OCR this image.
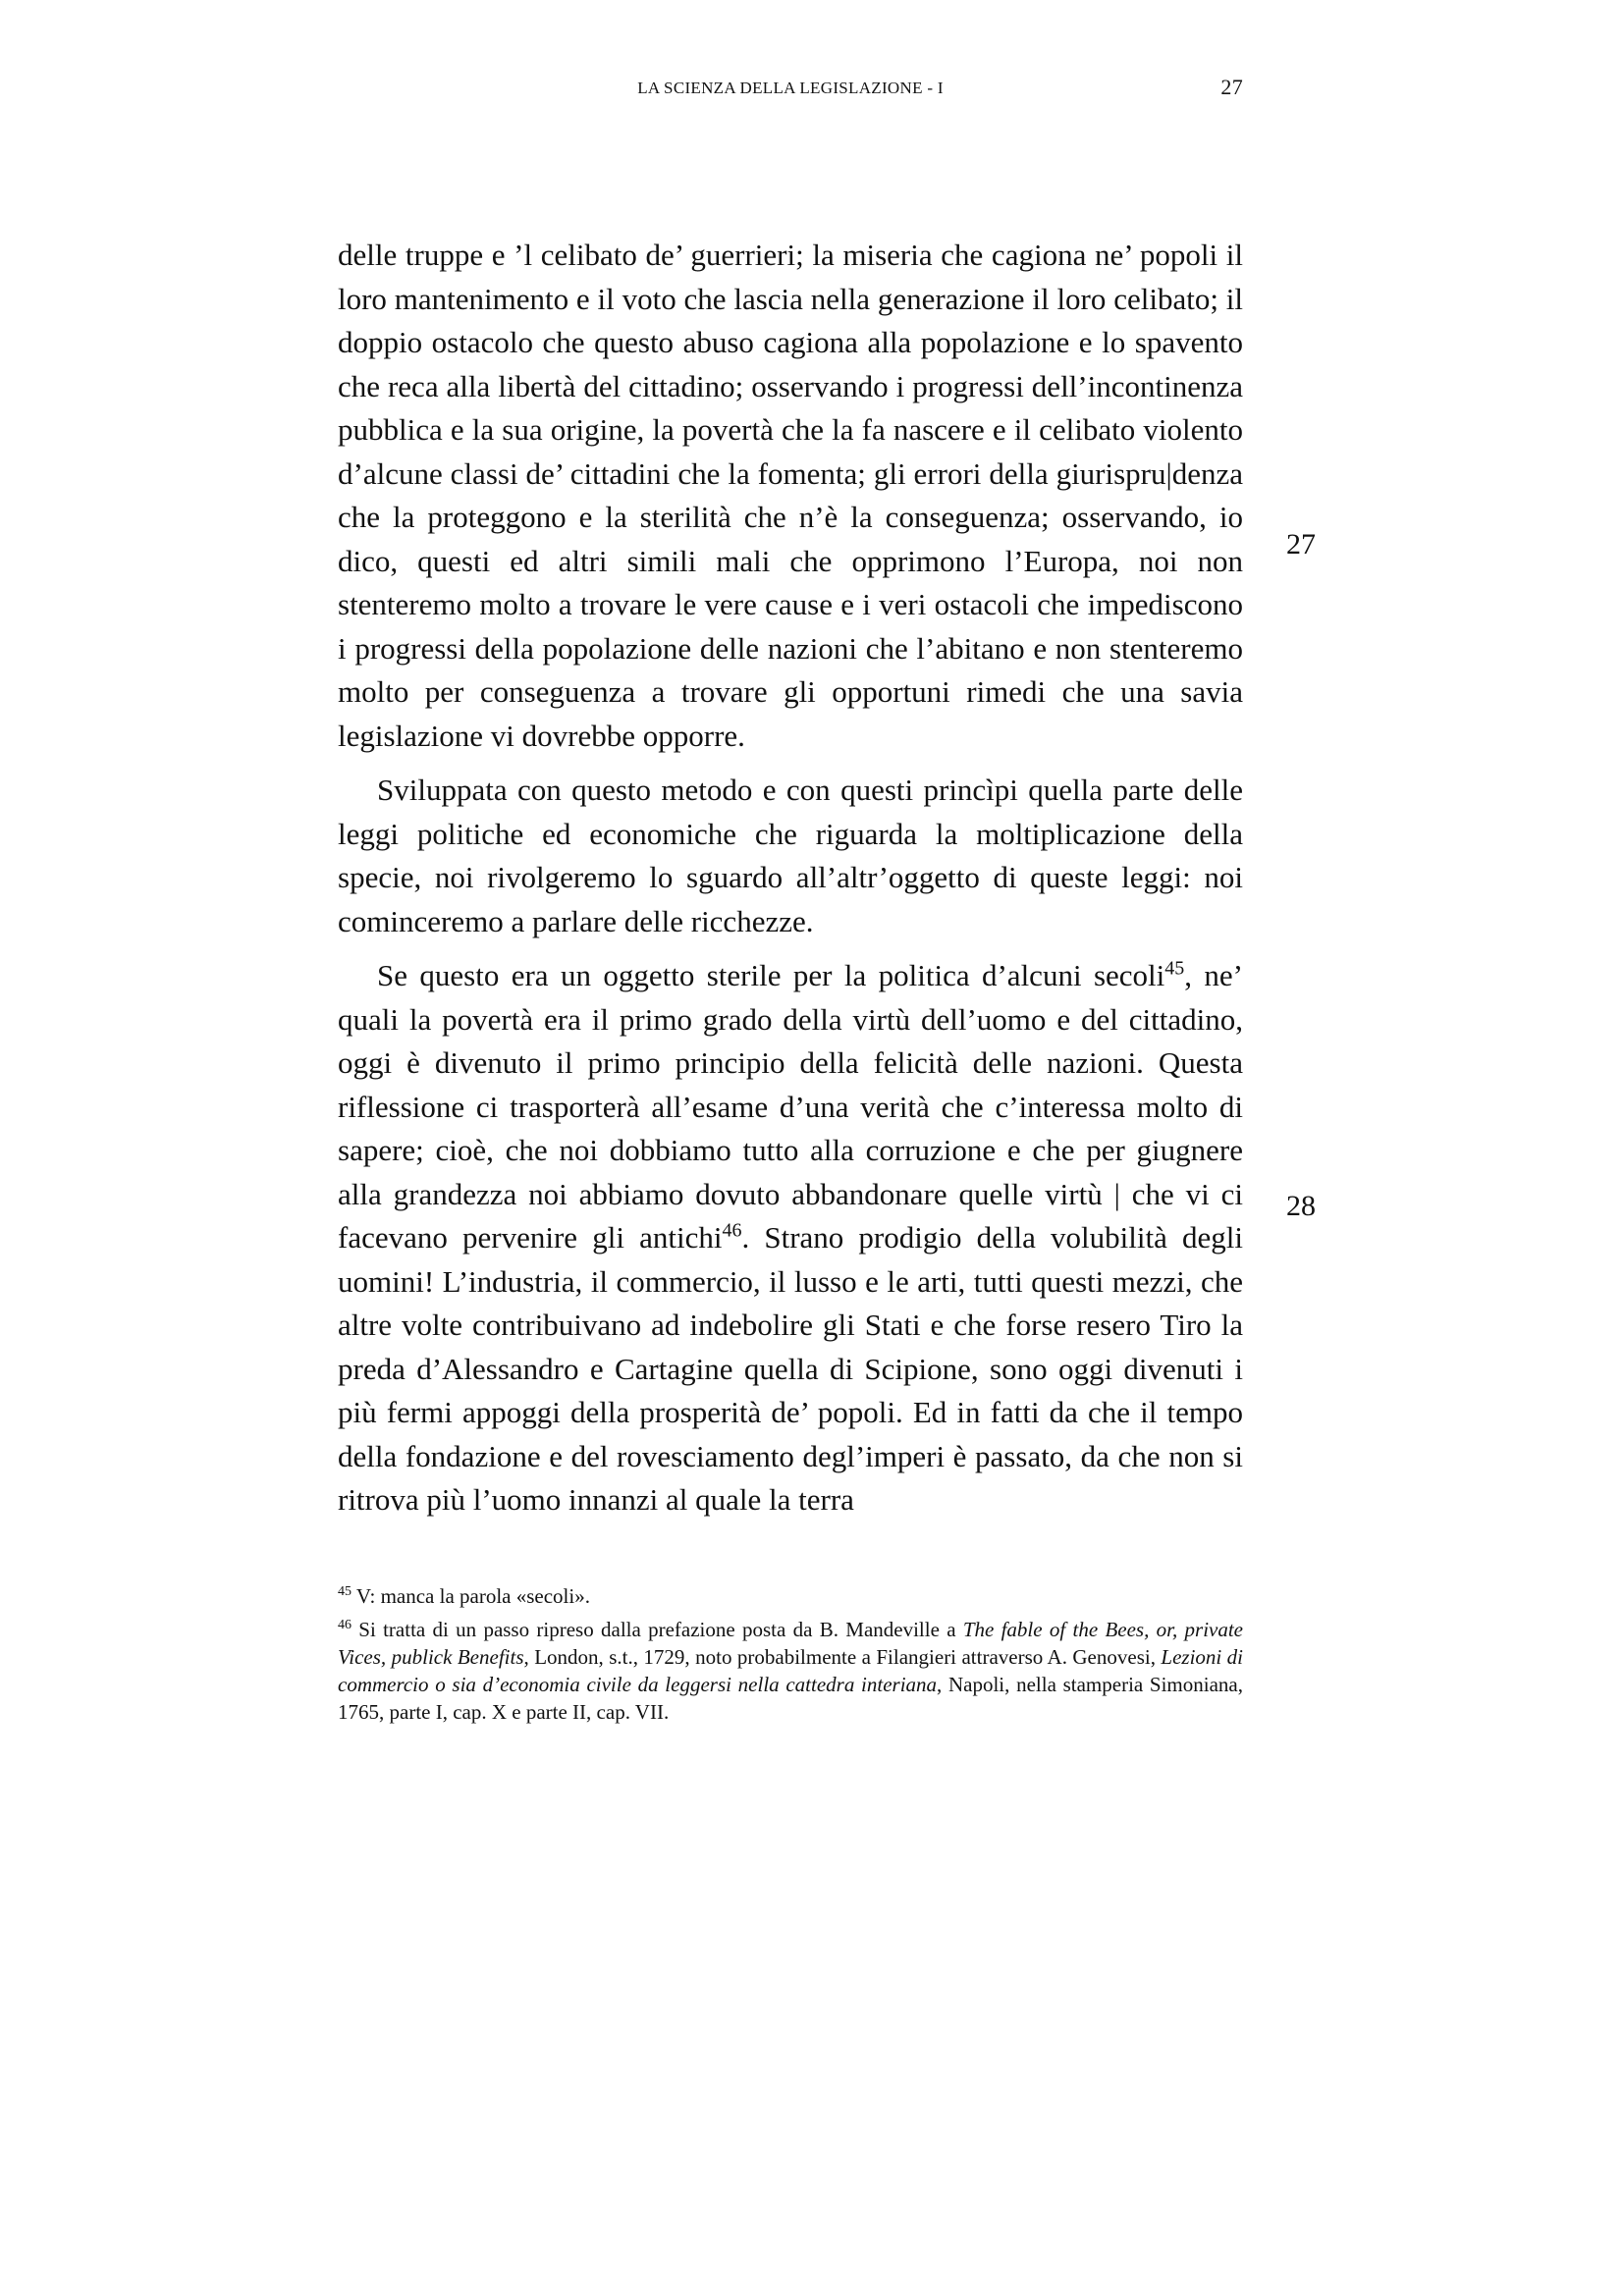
LA SCIENZA DELLA LEGISLAZIONE - I	27

delle truppe e ’l celibato de’ guerrieri; la miseria che cagiona ne’ popoli il loro mantenimento e il voto che lascia nella generazione il loro celibato; il doppio ostacolo che questo abuso cagiona alla popolazione e lo spavento che reca alla libertà del cittadino; osservando i progressi dell’incontinenza pubblica e la sua origine, la povertà che la fa nascere e il celibato violento d’alcune classi de’ cittadini che la fomenta; gli errori della giurispru|denza che la proteggono e la sterilità che n’è la conseguenza; osservando, io dico, questi ed altri simili mali che opprimono l’Europa, noi non stenteremo molto a trovare le vere cause e i veri ostacoli che impediscono i progressi della popolazione delle nazioni che l’abitano e non stenteremo molto per conseguenza a trovare gli opportuni rimedi che una savia legislazione vi dovrebbe opporre.

Sviluppata con questo metodo e con questi princìpi quella parte delle leggi politiche ed economiche che riguarda la moltiplicazione della specie, noi rivolgeremo lo sguardo all’altr’oggetto di queste leggi: noi cominceremo a parlare delle ricchezze.

Se questo era un oggetto sterile per la politica d’alcuni secoli$^{45}$, ne’ quali la povertà era il primo grado della virtù dell’uomo e del cittadino, oggi è divenuto il primo principio della felicità delle nazioni. Questa riflessione ci trasporterà all’esame d’una verità che c’interessa molto di sapere; cioè, che noi dobbiamo tutto alla corruzione e che per giugnere alla grandezza noi abbiamo dovuto abbandonare quelle virtù | che vi ci facevano pervenire gli antichi$^{46}$. Strano prodigio della volubilità degli uomini! L’industria, il commercio, il lusso e le arti, tutti questi mezzi, che altre volte contribuivano ad indebolire gli Stati e che forse resero Tiro la preda d’Alessandro e Cartagine quella di Scipione, sono oggi divenuti i più fermi appoggi della prosperità de’ popoli. Ed in fatti da che il tempo della fondazione e del rovesciamento degl’imperi è passato, da che non si ritrova più l’uomo innanzi al quale la terra

27
28

$^{45}$ V: manca la parola «secoli».

$^{46}$ Si tratta di un passo ripreso dalla prefazione posta da B. Mandeville a The fable of the Bees, or, private Vices, publick Benefits, London, s.t., 1729, noto probabilmente a Filangieri attraverso A. Genovesi, Lezioni di commercio o sia d’economia civile da leggersi nella cattedra interiana, Napoli, nella stamperia Simoniana, 1765, parte I, cap. X e parte II, cap. VII.
